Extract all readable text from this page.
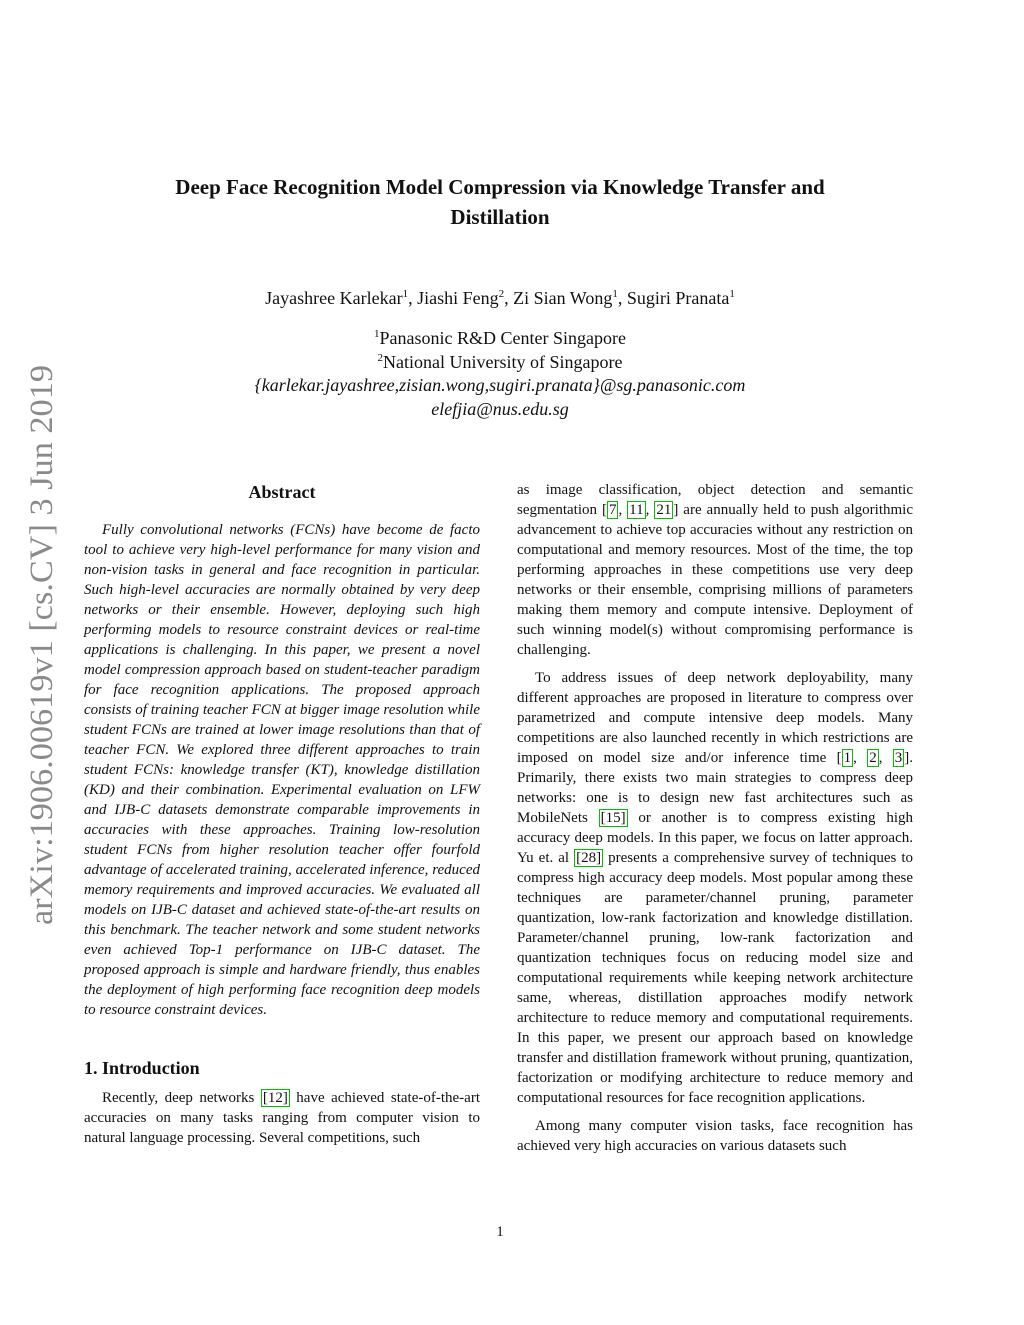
arXiv:1906.00619v1 [cs.CV] 3 Jun 2019
Deep Face Recognition Model Compression via Knowledge Transfer and
Distillation
Jayashree Karlekar$^1$, Jiashi Feng$^2$, Zi Sian Wong$^1$, Sugiri Pranata$^1$
$^1$Panasonic R&D Center Singapore
$^2$National University of Singapore
{karlekar.jayashree,zisian.wong,sugiri.pranata}@sg.panasonic.com
elefjia@nus.edu.sg
Abstract

Fully convolutional networks (FCNs) have become de facto tool to achieve very high-level performance for many vision and non-vision tasks in general and face recognition in particular. Such high-level accuracies are normally obtained by very deep networks or their ensemble. However, deploying such high performing models to resource constraint devices or real-time applications is challenging. In this paper, we present a novel model compression approach based on student-teacher paradigm for face recognition applications. The proposed approach consists of training teacher FCN at bigger image resolution while student FCNs are trained at lower image resolutions than that of teacher FCN. We explored three different approaches to train student FCNs: knowledge transfer (KT), knowledge distillation (KD) and their combination. Experimental evaluation on LFW and IJB-C datasets demonstrate comparable improvements in accuracies with these approaches. Training low-resolution student FCNs from higher resolution teacher offer fourfold advantage of accelerated training, accelerated inference, reduced memory requirements and improved accuracies. We evaluated all models on IJB-C dataset and achieved state-of-the-art results on this benchmark. The teacher network and some student networks even achieved Top-1 performance on IJB-C dataset. The proposed approach is simple and hardware friendly, thus enables the deployment of high performing face recognition deep models to resource constraint devices.

1. Introduction

Recently, deep networks [12] have achieved state-of-the-art accuracies on many tasks ranging from computer vision to natural language processing. Several competitions, such

as image classification, object detection and semantic segmentation [ 7 , 11 , 21 ] are annually held to push algorithmic advancement to achieve top accuracies without any restriction on computational and memory resources. Most of the time, the top performing approaches in these competitions use very deep networks or their ensemble, comprising millions of parameters making them memory and compute intensive. Deployment of such winning model(s) without compromising performance is challenging.

To address issues of deep network deployability, many different approaches are proposed in literature to compress over parametrized and compute intensive deep models. Many competitions are also launched recently in which restrictions are imposed on model size and/or inference time [ 1 , 2 , 3 ]. Primarily, there exists two main strategies to compress deep networks: one is to design new fast architectures such as MobileNets [15] or another is to compress existing high accuracy deep models. In this paper, we focus on latter approach. Yu et. al [28] presents a comprehensive survey of techniques to compress high accuracy deep models. Most popular among these techniques are parameter/channel pruning, parameter quantization, low-rank factorization and knowledge distillation. Parameter/channel pruning, low-rank factorization and quantization techniques focus on reducing model size and computational requirements while keeping network architecture same, whereas, distillation approaches modify network architecture to reduce memory and computational requirements. In this paper, we present our approach based on knowledge transfer and distillation framework without pruning, quantization, factorization or modifying architecture to reduce memory and computational resources for face recognition applications.

Among many computer vision tasks, face recognition has achieved very high accuracies on various datasets such

1
